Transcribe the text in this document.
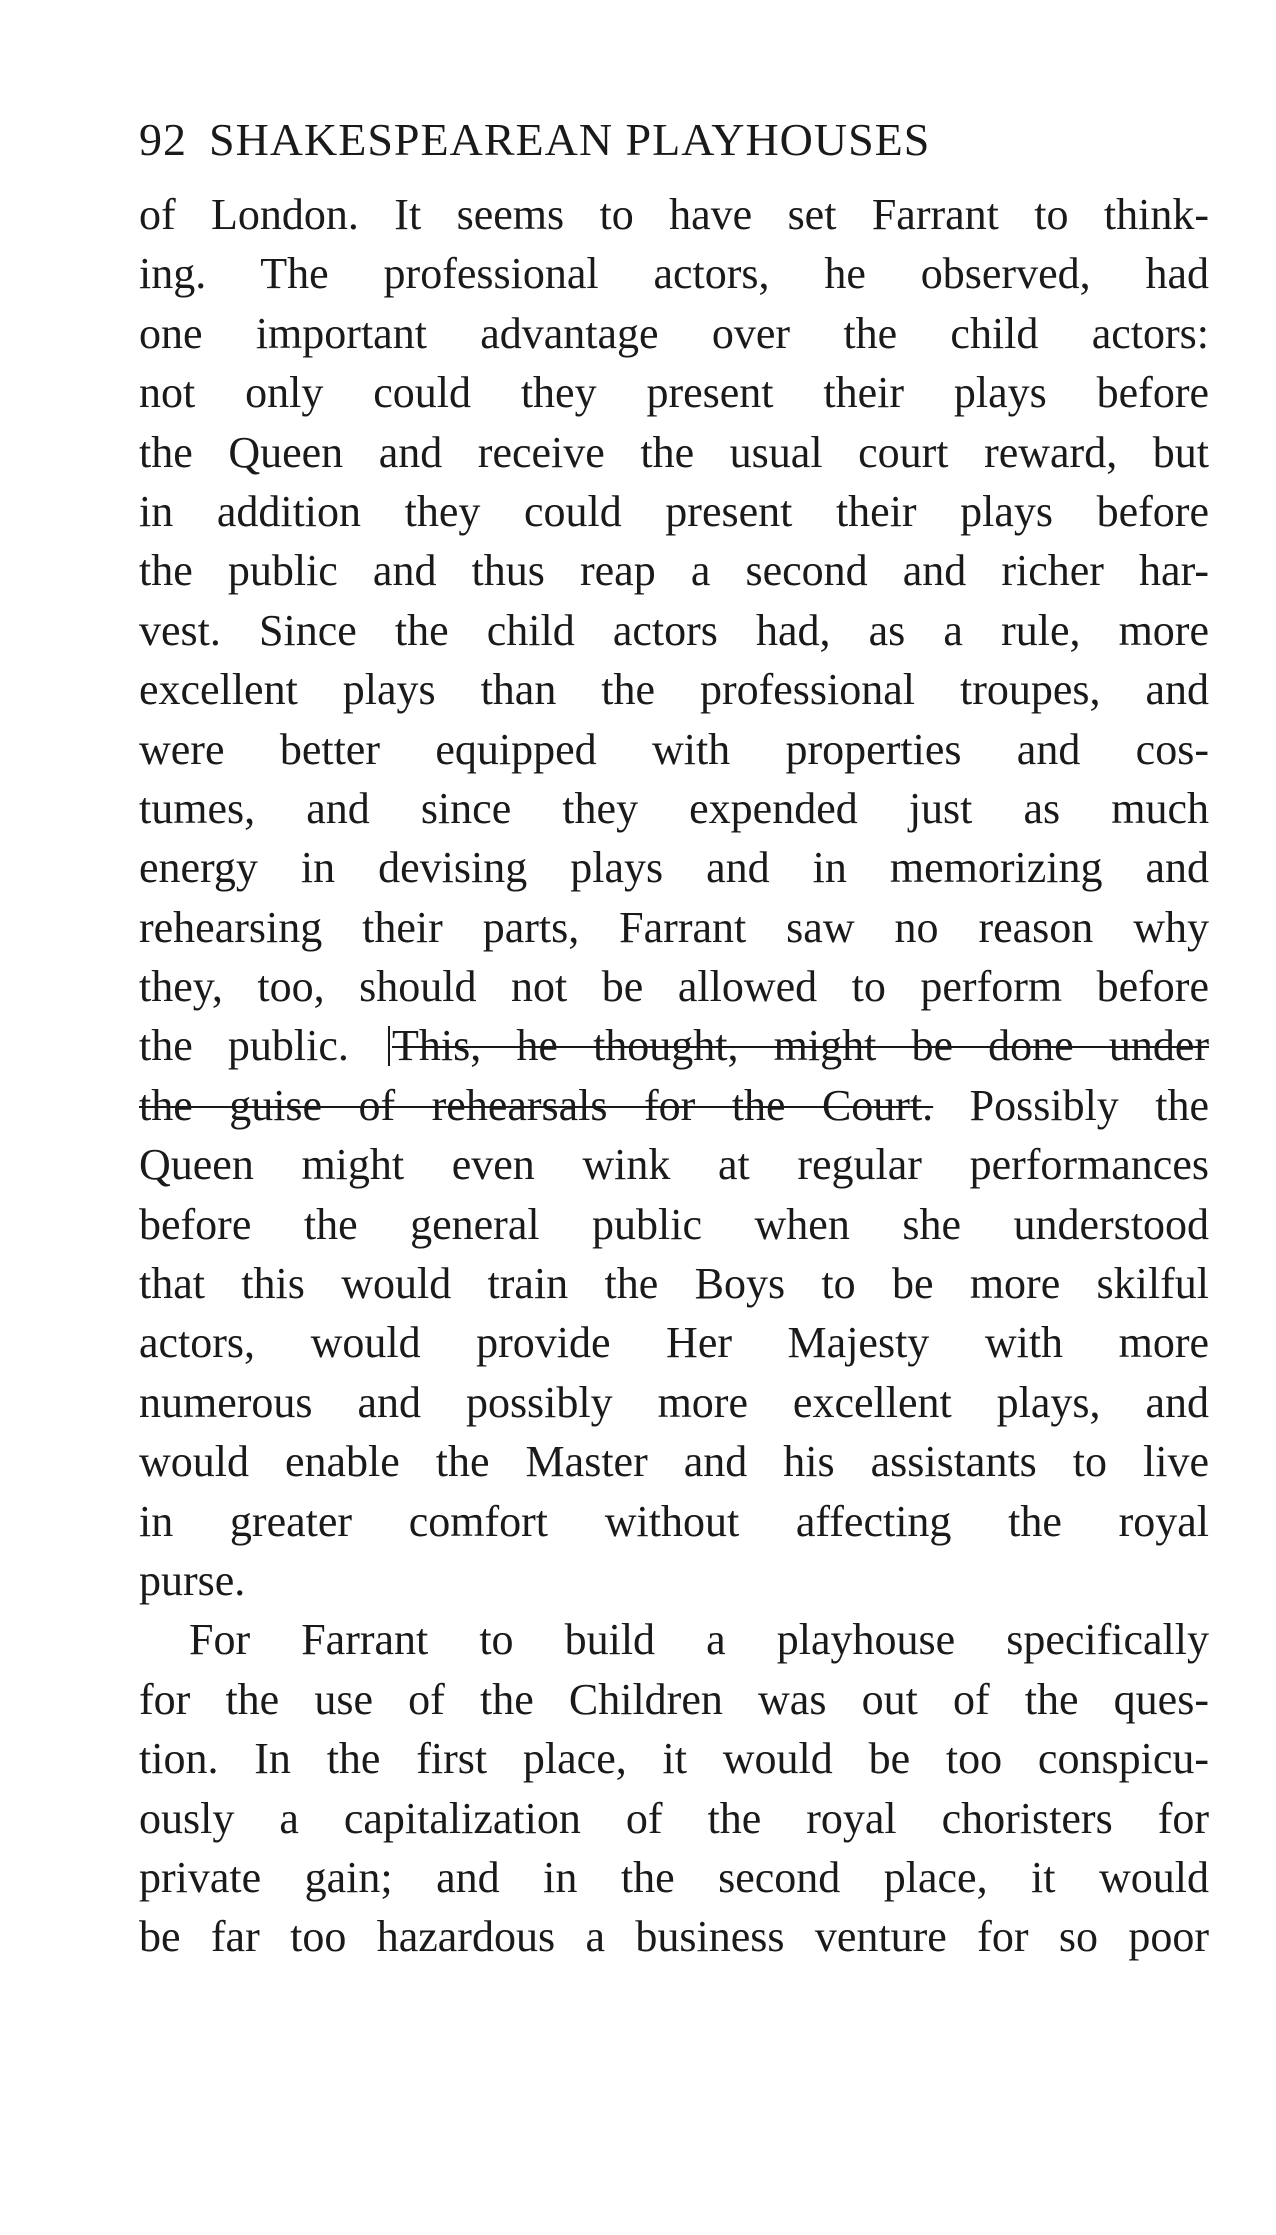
92 SHAKESPEAREAN PLAYHOUSES
of London. It seems to have set Farrant to think-
ing. The professional actors, he observed, had
one important advantage over the child actors:
not only could they present their plays before
the Queen and receive the usual court reward, but
in addition they could present their plays before
the public and thus reap a second and richer har-
vest. Since the child actors had, as a rule, more
excellent plays than the professional troupes, and
were better equipped with properties and cos-
tumes, and since they expended just as much
energy in devising plays and in memorizing and
rehearsing their parts, Farrant saw no reason why
they, too, should not be allowed to perform before
the public. This, he thought, might be done under
the guise of rehearsals for the Court. Possibly the
Queen might even wink at regular performances
before the general public when she understood
that this would train the Boys to be more skilful
actors, would provide Her Majesty with more
numerous and possibly more excellent plays, and
would enable the Master and his assistants to live
in greater comfort without affecting the royal
purse.
For Farrant to build a playhouse specifically
for the use of the Children was out of the ques-
tion. In the first place, it would be too conspicu-
ously a capitalization of the royal choristers for
private gain; and in the second place, it would
be far too hazardous a business venture for so poor
